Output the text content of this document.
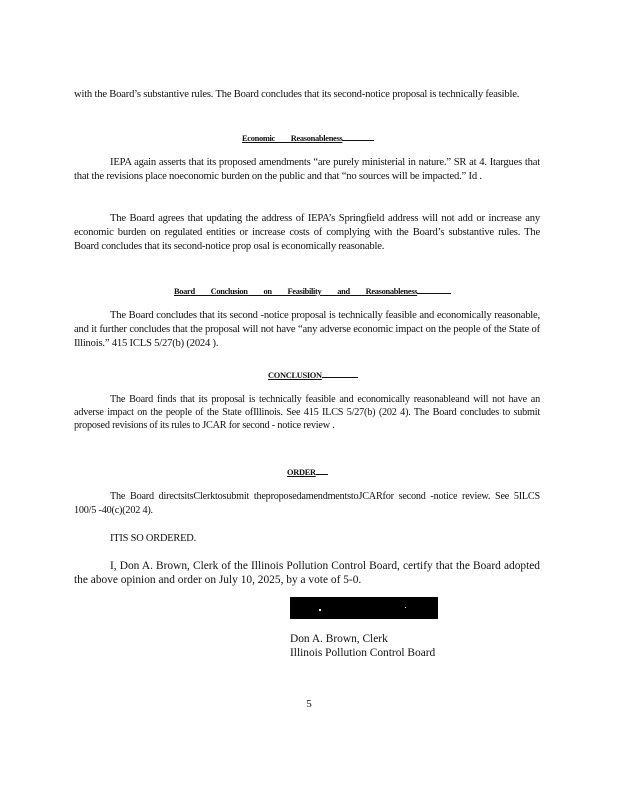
with the Board’s substantive rules. The Board concludes that its second-notice proposal is technically feasible.

Economic Reasonableness

IEPA again asserts that its proposed amendments “are purely ministerial in nature.” SR at 4. Itargues that that the revisions place noeconomic burden on the public and that “no sources will be impacted.” Id .

The Board agrees that updating the address of IEPA’s Springfield address will not add or increase any economic burden on regulated entities or increase costs of complying with the Board’s substantive rules. The Board concludes that its second-notice prop osal is economically reasonable.

Board Conclusion on Feasibility and Reasonableness

The Board concludes that its second -notice proposal is technically feasible and economically reasonable, and it further concludes that the proposal will not have “any adverse economic impact on the people of the State of Illinois.” 415 ICLS 5/27(b) (2024 ).

CONCLUSION

The Board finds that its proposal is technically feasible and economically reasonableand will not have an adverse impact on the people of the State ofIllinois. See 415 ILCS 5/27(b) (202 4). The Board concludes to submit proposed revisions of its rules to JCAR for second - notice review .

ORDER

The Board directsitsClerktosubmit theproposedamendmentstoJCARfor second -notice review. See 5ILCS 100/5 -40(c)(202 4).

ITIS SO ORDERED.

I, Don A. Brown, Clerk of the Illinois Pollution Control Board, certify that the Board adopted the above opinion and order on July 10, 2025, by a vote of 5-0.

Don A. Brown, Clerk
Illinois Pollution Control Board
5
